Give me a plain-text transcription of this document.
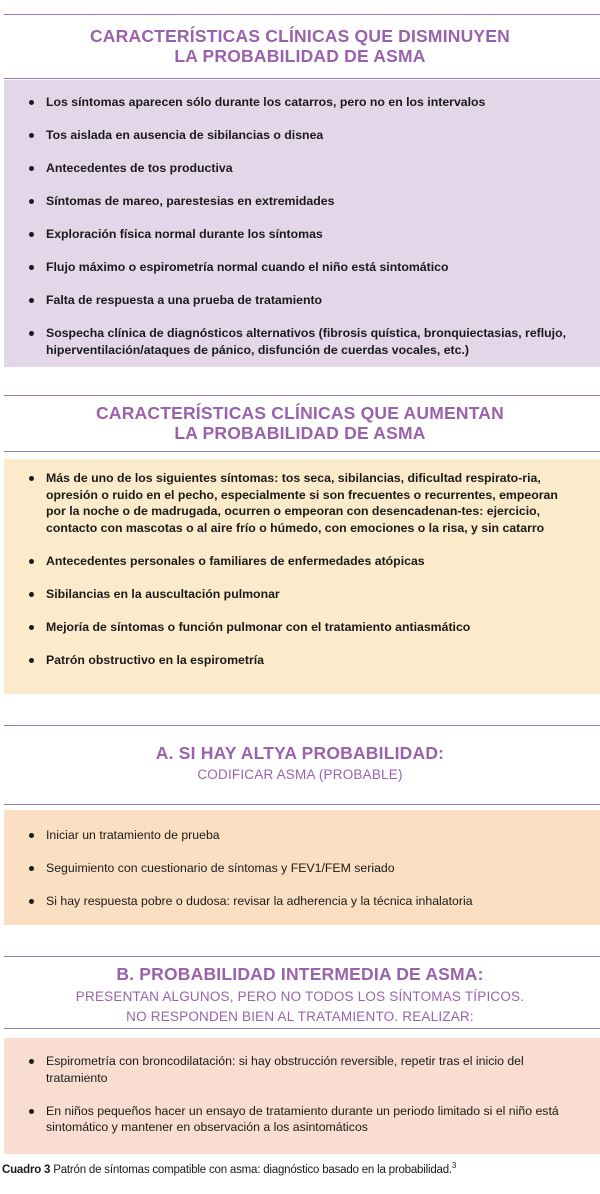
CARACTERÍSTICAS CLÍNICAS QUE DISMINUYEN
LA PROBABILIDAD DE ASMA
Los síntomas aparecen sólo durante los catarros, pero no en los intervalos
Tos aislada en ausencia de sibilancias o disnea
Antecedentes de tos productiva
Síntomas de mareo, parestesias en extremidades
Exploración física normal durante los síntomas
Flujo máximo o espirometría normal cuando el niño está sintomático
Falta de respuesta a una prueba de tratamiento
Sospecha clínica de diagnósticos alternativos (fibrosis quística, bronquiectasias, reflujo, hiperventilación/ataques de pánico, disfunción de cuerdas vocales, etc.)
CARACTERÍSTICAS CLÍNICAS QUE AUMENTAN
LA PROBABILIDAD DE ASMA
Más de uno de los siguientes síntomas: tos seca, sibilancias, dificultad respirato-ria, opresión o ruido en el pecho, especialmente si son frecuentes o recurrentes, empeoran por la noche o de madrugada, ocurren o empeoran con desencadenan-tes: ejercicio, contacto con mascotas o al aire frío o húmedo, con emociones o la risa, y sin catarro
Antecedentes personales o familiares de enfermedades atópicas
Sibilancias en la auscultación pulmonar
Mejoría de síntomas o función pulmonar con el tratamiento antiasmático
Patrón obstructivo en la espirometría
A. SI HAY ALTYA PROBABILIDAD:
CODIFICAR ASMA (PROBABLE)
Iniciar un tratamiento de prueba
Seguimiento con cuestionario de síntomas y FEV1/FEM seriado
Si hay respuesta pobre o dudosa: revisar la adherencia y la técnica inhalatoria
B. PROBABILIDAD INTERMEDIA DE ASMA:
PRESENTAN ALGUNOS, PERO NO TODOS LOS SÍNTOMAS TÍPICOS.
NO RESPONDEN BIEN AL TRATAMIENTO. REALIZAR:
Espirometría con broncodilatación: si hay obstrucción reversible, repetir tras el inicio del tratamiento
En niños pequeños hacer un ensayo de tratamiento durante un periodo limitado si el niño está sintomático y mantener en observación a los asintomáticos
Cuadro 3 Patrón de síntomas compatible con asma: diagnóstico basado en la probabilidad.$^3$
